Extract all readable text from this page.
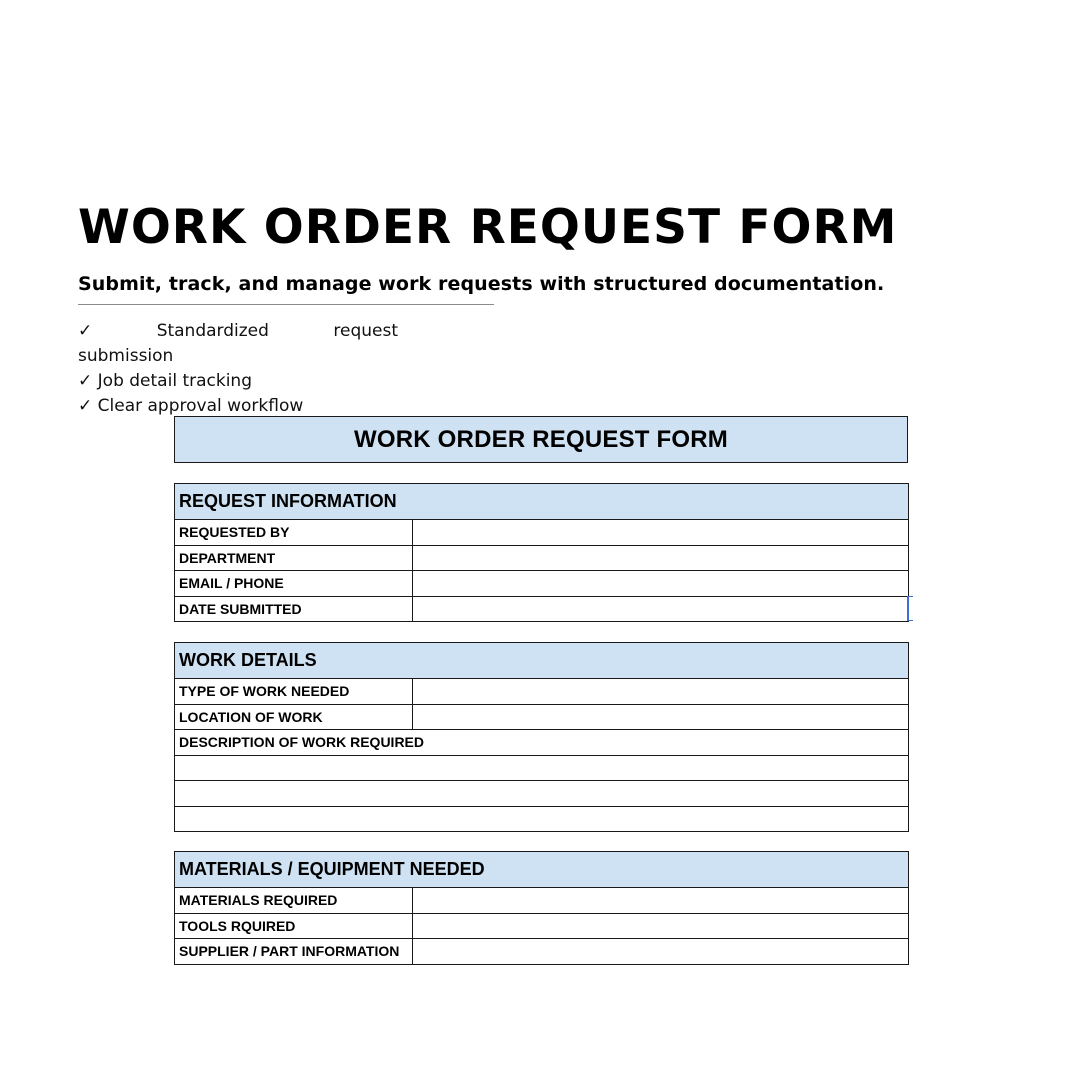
WORK ORDER REQUEST FORM

Submit, track, and manage work requests with structured documentation.

✓	Standardized	request
submission
✓ Job detail tracking
✓ Clear approval workflow
WORK ORDER REQUEST FORM
REQUEST INFORMATION	
REQUESTED BY	
DEPARTMENT	
EMAIL / PHONE	
DATE SUBMITTED	
WORK DETAILS	
TYPE OF WORK NEEDED	
LOCATION OF WORK	
DESCRIPTION OF WORK REQUIRED	

MATERIALS / EQUIPMENT NEEDED	
MATERIALS REQUIRED	
TOOLS RQUIRED	
SUPPLIER / PART INFORMATION	
